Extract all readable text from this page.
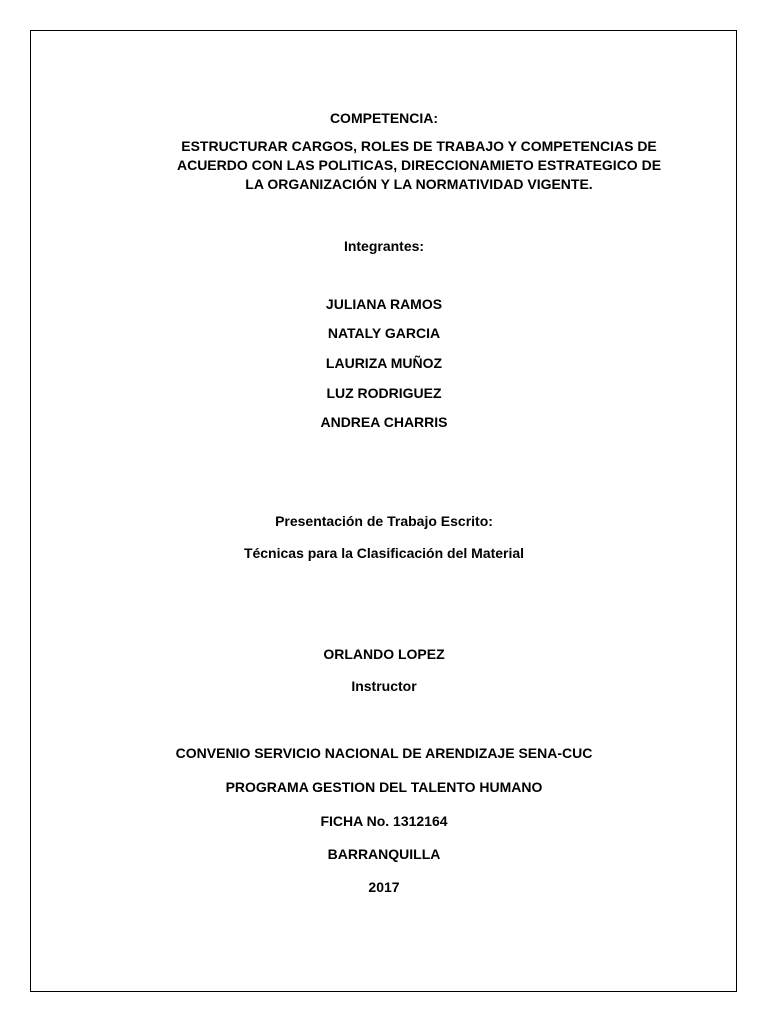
COMPETENCIA:
ESTRUCTURAR CARGOS, ROLES DE TRABAJO Y COMPETENCIAS DE
ACUERDO CON LAS POLITICAS, DIRECCIONAMIETO ESTRATEGICO DE
LA ORGANIZACIÓN Y LA NORMATIVIDAD VIGENTE.
Integrantes:
JULIANA RAMOS
NATALY GARCIA
LAURIZA MUÑOZ
LUZ RODRIGUEZ
ANDREA CHARRIS
Presentación de Trabajo Escrito:
Técnicas para la Clasificación del Material
ORLANDO LOPEZ
Instructor
CONVENIO SERVICIO NACIONAL DE ARENDIZAJE SENA-CUC
PROGRAMA GESTION DEL TALENTO HUMANO
FICHA No. 1312164
BARRANQUILLA
2017
